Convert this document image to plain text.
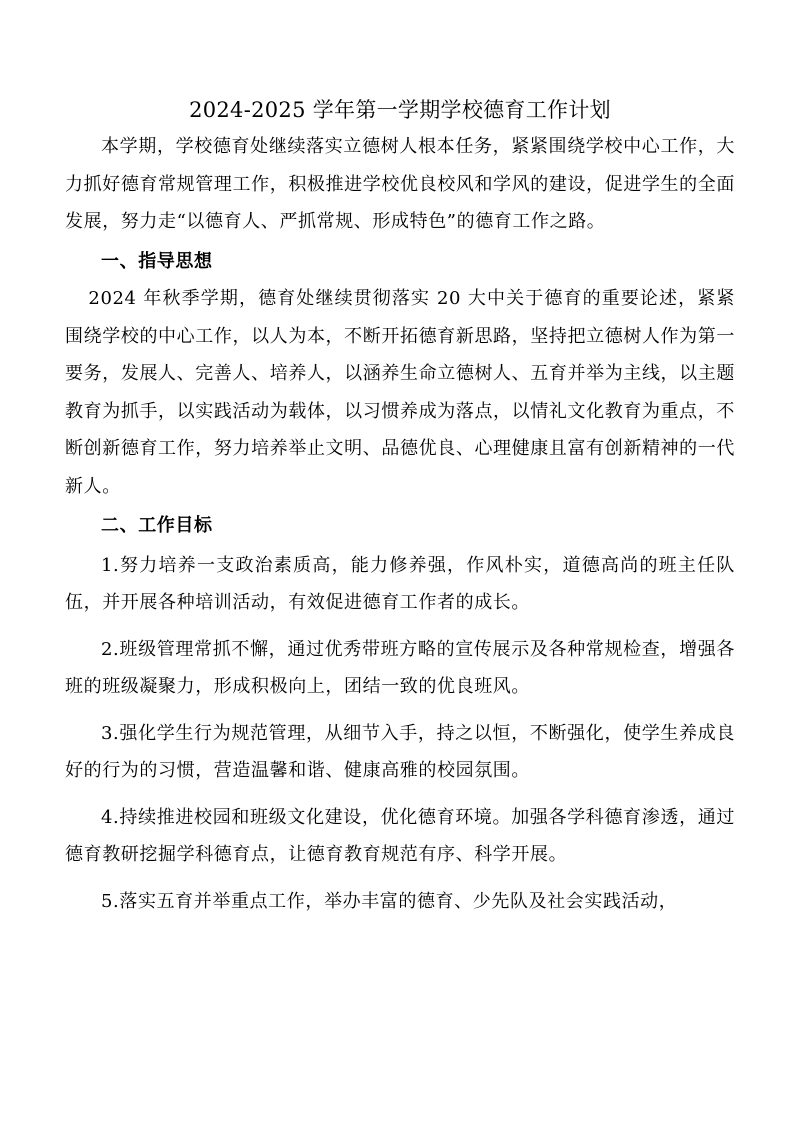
2024-2025 学年第一学期学校德育工作计划

本学期，学校德育处继续落实立德树人根本任务，紧紧围绕学校中心工作，大力抓好德育常规管理工作，积极推进学校优良校风和学风的建设，促进学生的全面发展，努力走“以德育人、严抓常规、形成特色”的德育工作之路。

一、指导思想

2024 年秋季学期，德育处继续贯彻落实 20 大中关于德育的重要论述，紧紧围绕学校的中心工作，以人为本，不断开拓德育新思路，坚持把立德树人作为第一要务，发展人、完善人、培养人，以涵养生命立德树人、五育并举为主线，以主题教育为抓手，以实践活动为载体，以习惯养成为落点，以情礼文化教育为重点，不断创新德育工作，努力培养举止文明、品德优良、心理健康且富有创新精神的一代新人。

二、工作目标

1.努力培养一支政治素质高，能力修养强，作风朴实，道德高尚的班主任队伍，并开展各种培训活动，有效促进德育工作者的成长。

2.班级管理常抓不懈，通过优秀带班方略的宣传展示及各种常规检查，增强各班的班级凝聚力，形成积极向上，团结一致的优良班风。

3.强化学生行为规范管理，从细节入手，持之以恒，不断强化，使学生养成良好的行为的习惯，营造温馨和谐、健康高雅的校园氛围。

4.持续推进校园和班级文化建设，优化德育环境。加强各学科德育渗透，通过德育教研挖掘学科德育点，让德育教育规范有序、科学开展。

5.落实五育并举重点工作，举办丰富的德育、少先队及社会实践活动，
